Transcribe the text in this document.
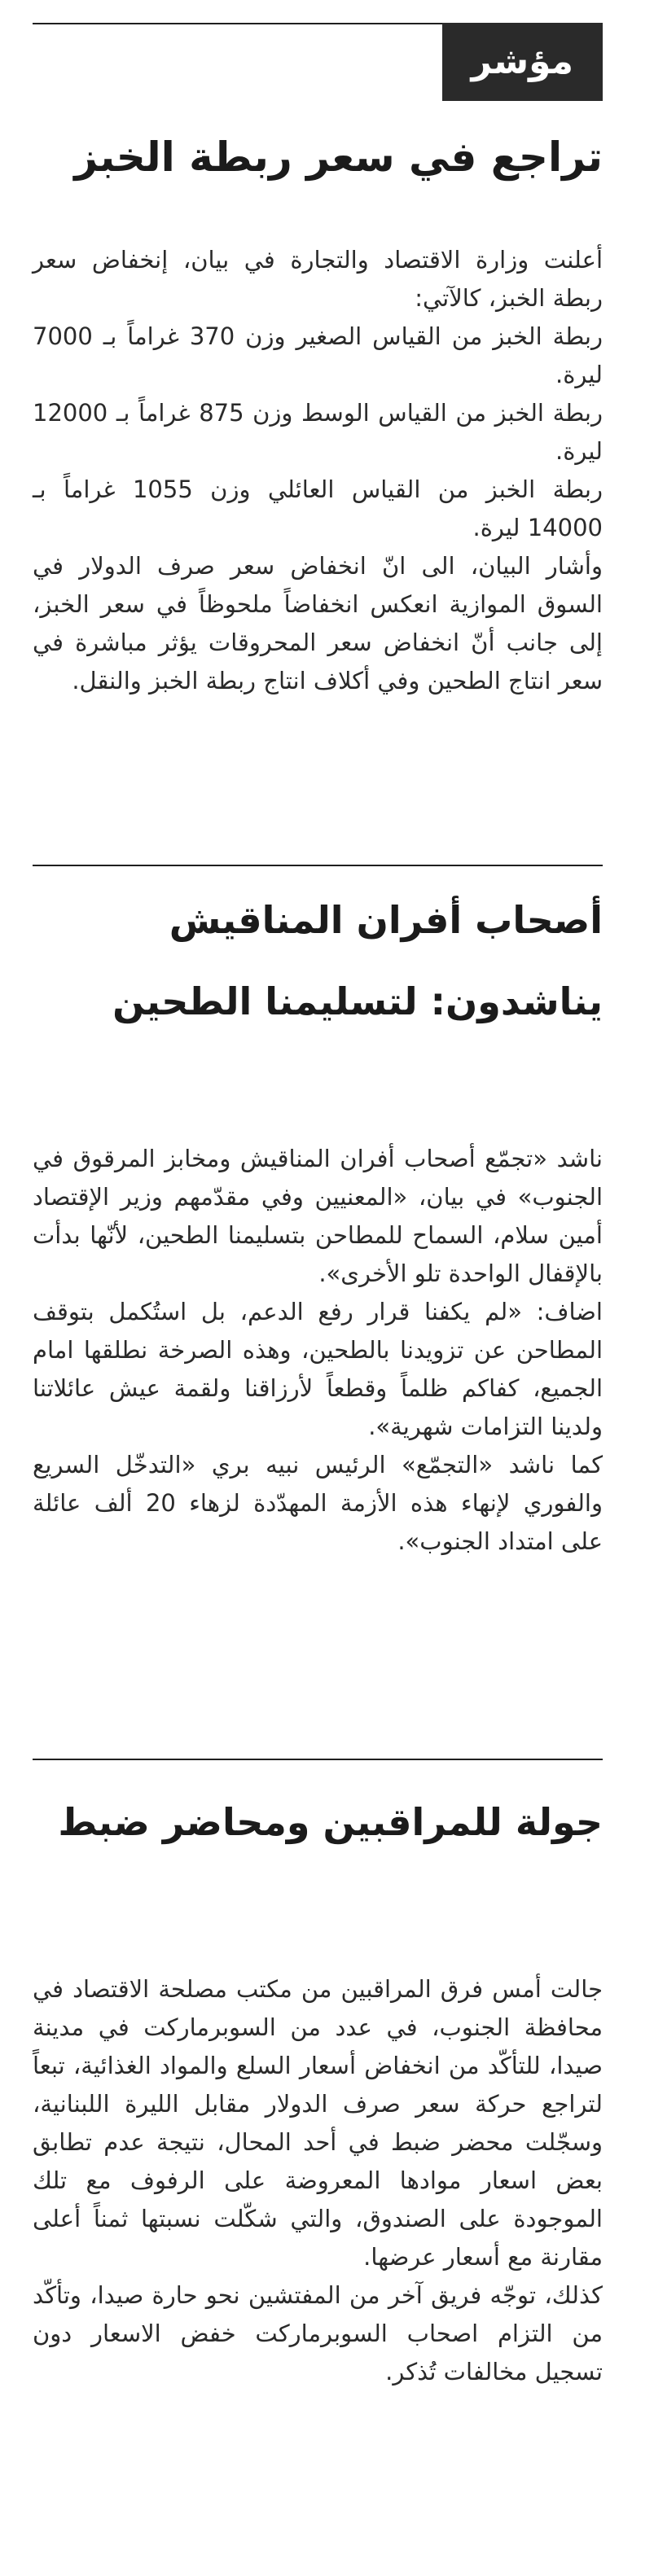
مؤشر
تراجع في سعر ربطة الخبز

أعلنت وزارة الاقتصاد والتجارة في بيان، إنخفاض سعر ربطة الخبز، كالآتي:

ربطة الخبز من القياس الصغير وزن 370 غراماً بـ 7000 ليرة.

ربطة الخبز من القياس الوسط وزن 875 غراماً بـ 12000 ليرة.

ربطة الخبز من القياس العائلي وزن 1055 غراماً بـ 14000 ليرة.

وأشار البيان، الى انّ انخفاض سعر صرف الدولار في السوق الموازية انعكس انخفاضاً ملحوظاً في سعر الخبز، إلى جانب أنّ انخفاض سعر المحروقات يؤثر مباشرة في سعر انتاج الطحين وفي أكلاف انتاج ربطة الخبز والنقل.

أصحاب أفران المناقيش يناشدون: لتسليمنا الطحين

ناشد «تجمّع أصحاب أفران المناقيش ومخابز المرقوق في الجنوب» في بيان، «المعنيين وفي مقدّمهم وزير الإقتصاد أمين سلام، السماح للمطاحن بتسليمنا الطحين، لأنّها بدأت بالإقفال الواحدة تلو الأخرى».

اضاف: «لم يكفنا قرار رفع الدعم، بل استُكمل بتوقف المطاحن عن تزويدنا بالطحين، وهذه الصرخة نطلقها امام الجميع، كفاكم ظلماً وقطعاً لأرزاقنا ولقمة عيش عائلاتنا ولدينا التزامات شهرية».

كما ناشد «التجمّع» الرئيس نبيه بري «التدخّل السريع والفوري لإنهاء هذه الأزمة المهدّدة لزهاء 20 ألف عائلة على امتداد الجنوب».

جولة للمراقبين ومحاضر ضبط

جالت أمس فرق المراقبين من مكتب مصلحة الاقتصاد في محافظة الجنوب، في عدد من السوبرماركت في مدينة صيدا، للتأكّد من انخفاض أسعار السلع والمواد الغذائية، تبعاً لتراجع حركة سعر صرف الدولار مقابل الليرة اللبنانية، وسجّلت محضر ضبط في أحد المحال، نتيجة عدم تطابق بعض اسعار موادها المعروضة على الرفوف مع تلك الموجودة على الصندوق، والتي شكّلت نسبتها ثمناً أعلى مقارنة مع أسعار عرضها.

كذلك، توجّه فريق آخر من المفتشين نحو حارة صيدا، وتأكّد من التزام اصحاب السوبرماركت خفض الاسعار دون تسجيل مخالفات تُذكر.
